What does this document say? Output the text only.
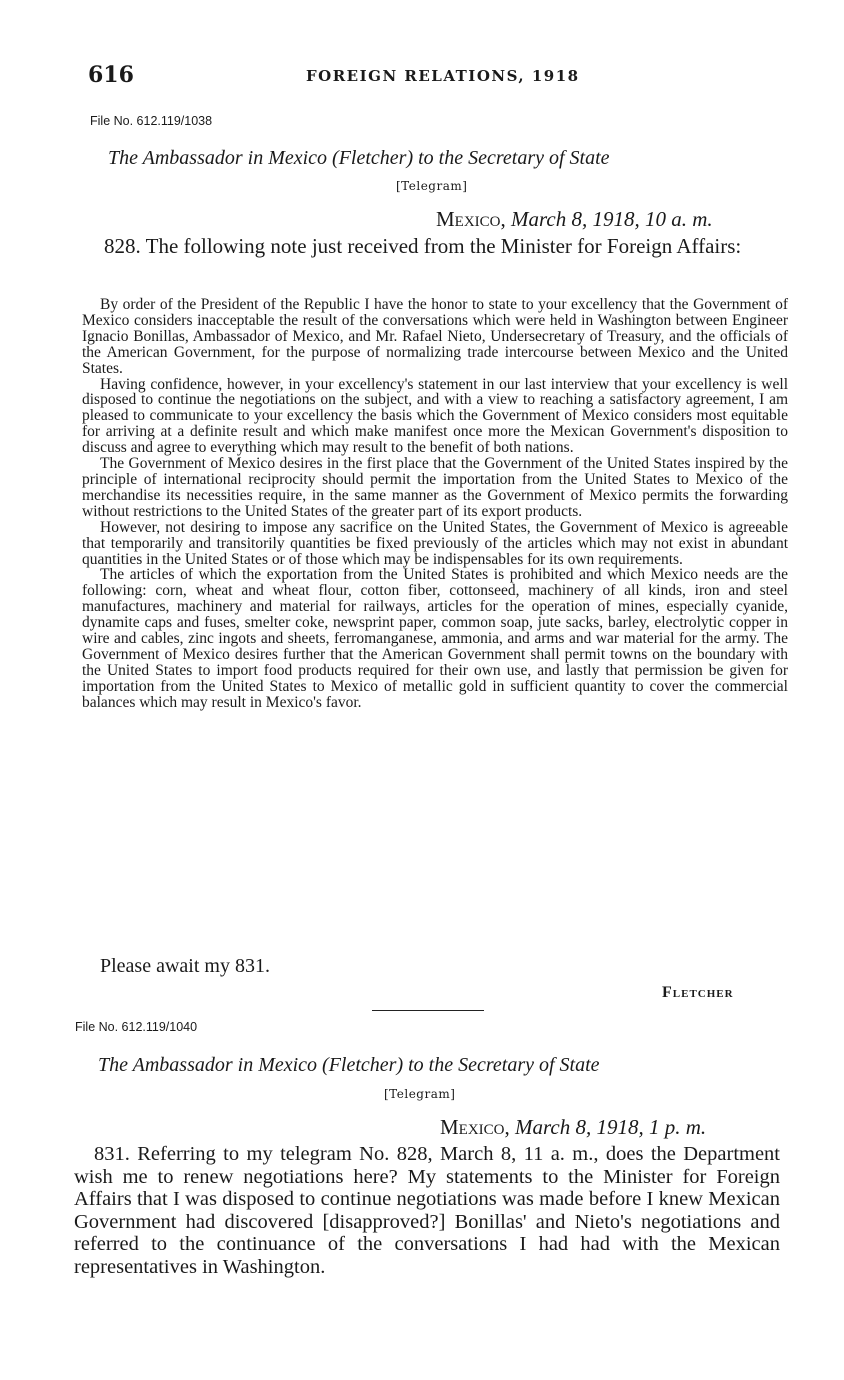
616	FOREIGN RELATIONS, 1918
File No. 612.119/1038
The Ambassador in Mexico (Fletcher) to the Secretary of State
[Telegram]
Mexico, March 8, 1918, 10 a. m.

828. The following note just received from the Minister for Foreign Affairs:

By order of the President of the Republic I have the honor to state to your excellency that the Government of Mexico considers inacceptable the result of the conversations which were held in Washington between Engineer Ignacio Bonillas, Ambassador of Mexico, and Mr. Rafael Nieto, Undersecretary of Treasury, and the officials of the American Government, for the purpose of normalizing trade intercourse between Mexico and the United States.

Having confidence, however, in your excellency's statement in our last interview that your excellency is well disposed to continue the negotiations on the subject, and with a view to reaching a satisfactory agreement, I am pleased to communicate to your excellency the basis which the Government of Mexico considers most equitable for arriving at a definite result and which make manifest once more the Mexican Government's disposition to discuss and agree to everything which may result to the benefit of both nations.

The Government of Mexico desires in the first place that the Government of the United States inspired by the principle of international reciprocity should permit the importation from the United States to Mexico of the merchandise its necessities require, in the same manner as the Government of Mexico permits the forwarding without restrictions to the United States of the greater part of its export products.

However, not desiring to impose any sacrifice on the United States, the Government of Mexico is agreeable that temporarily and transitorily quantities be fixed previously of the articles which may not exist in abundant quantities in the United States or of those which may be indispensables for its own requirements.

The articles of which the exportation from the United States is prohibited and which Mexico needs are the following: corn, wheat and wheat flour, cotton fiber, cottonseed, machinery of all kinds, iron and steel manufactures, machinery and material for railways, articles for the operation of mines, especially cyanide, dynamite caps and fuses, smelter coke, newsprint paper, common soap, jute sacks, barley, electrolytic copper in wire and cables, zinc ingots and sheets, ferromanganese, ammonia, and arms and war material for the army. The Government of Mexico desires further that the American Government shall permit towns on the boundary with the United States to import food products required for their own use, and lastly that permission be given for importation from the United States to Mexico of metallic gold in sufficient quantity to cover the commercial balances which may result in Mexico's favor.

Please await my 831.
Fletcher
File No. 612.119/1040
The Ambassador in Mexico (Fletcher) to the Secretary of State
[Telegram]
Mexico, March 8, 1918, 1 p. m.

831. Referring to my telegram No. 828, March 8, 11 a. m., does the Department wish me to renew negotiations here? My statements to the Minister for Foreign Affairs that I was disposed to continue negotiations was made before I knew Mexican Government had discovered [disapproved?] Bonillas' and Nieto's negotiations and referred to the continuance of the conversations I had had with the Mexican representatives in Washington.
